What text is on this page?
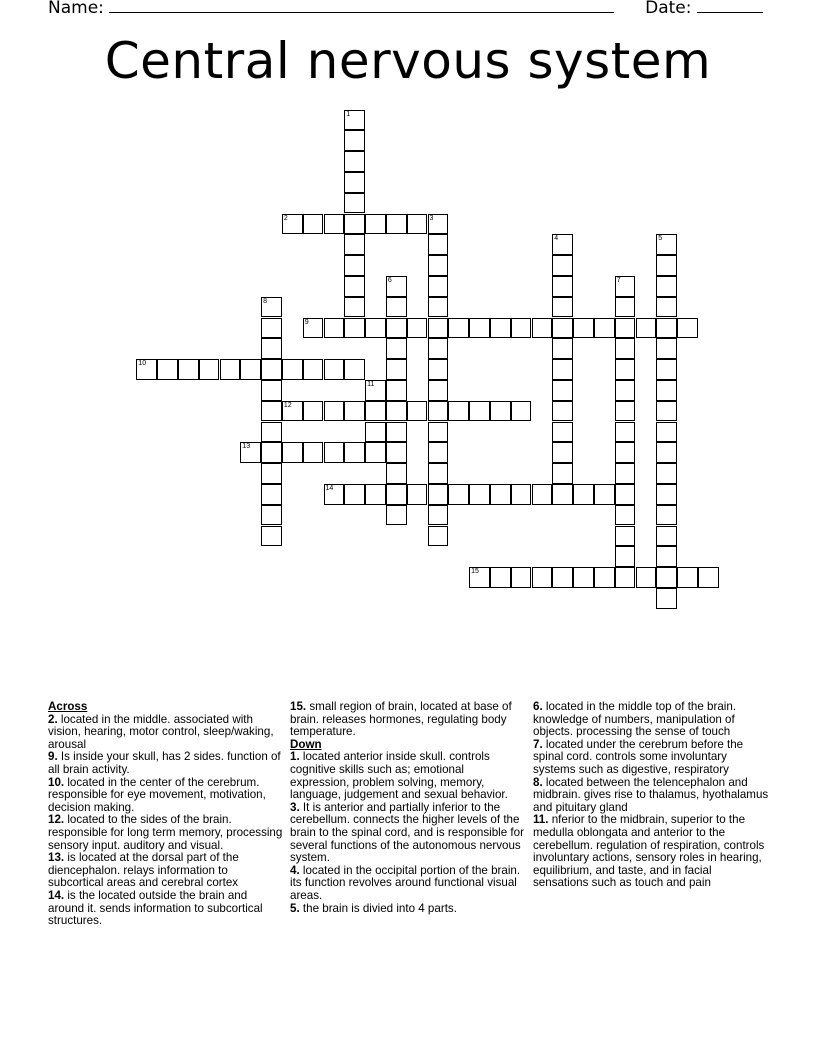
Name:	Date:
Central nervous system
1
2	3
4	5
6	7
8
9
10
11
12
13
14
15
Across
2. located in the middle. associated with vision, hearing, motor control, sleep/waking, arousal
9. Is inside your skull, has 2 sides. function of all brain activity.
10. located in the center of the cerebrum. responsible for eye movement, motivation, decision making.
12. located to the sides of the brain. responsible for long term memory, processing sensory input. auditory and visual.
13. is located at the dorsal part of the diencephalon. relays information to subcortical areas and cerebral cortex
14. is the located outside the brain and around it. sends information to subcortical structures.
15. small region of brain, located at base of brain. releases hormones, regulating body temperature.
Down
1. located anterior inside skull. controls cognitive skills such as; emotional expression, problem solving, memory, language, judgement and sexual behavior.
3. It is anterior and partially inferior to the cerebellum. connects the higher levels of the brain to the spinal cord, and is responsible for several functions of the autonomous nervous system.
4. located in the occipital portion of the brain. its function revolves around functional visual areas.
5. the brain is divied into 4 parts.
6. located in the middle top of the brain. knowledge of numbers, manipulation of objects. processing the sense of touch
7. located under the cerebrum before the spinal cord. controls some involuntary systems such as digestive, respiratory
8. located between the telencephalon and midbrain. gives rise to thalamus, hyothalamus and pituitary gland
11. nferior to the midbrain, superior to the medulla oblongata and anterior to the cerebellum. regulation of respiration, controls involuntary actions, sensory roles in hearing, equilibrium, and taste, and in facial sensations such as touch and pain
